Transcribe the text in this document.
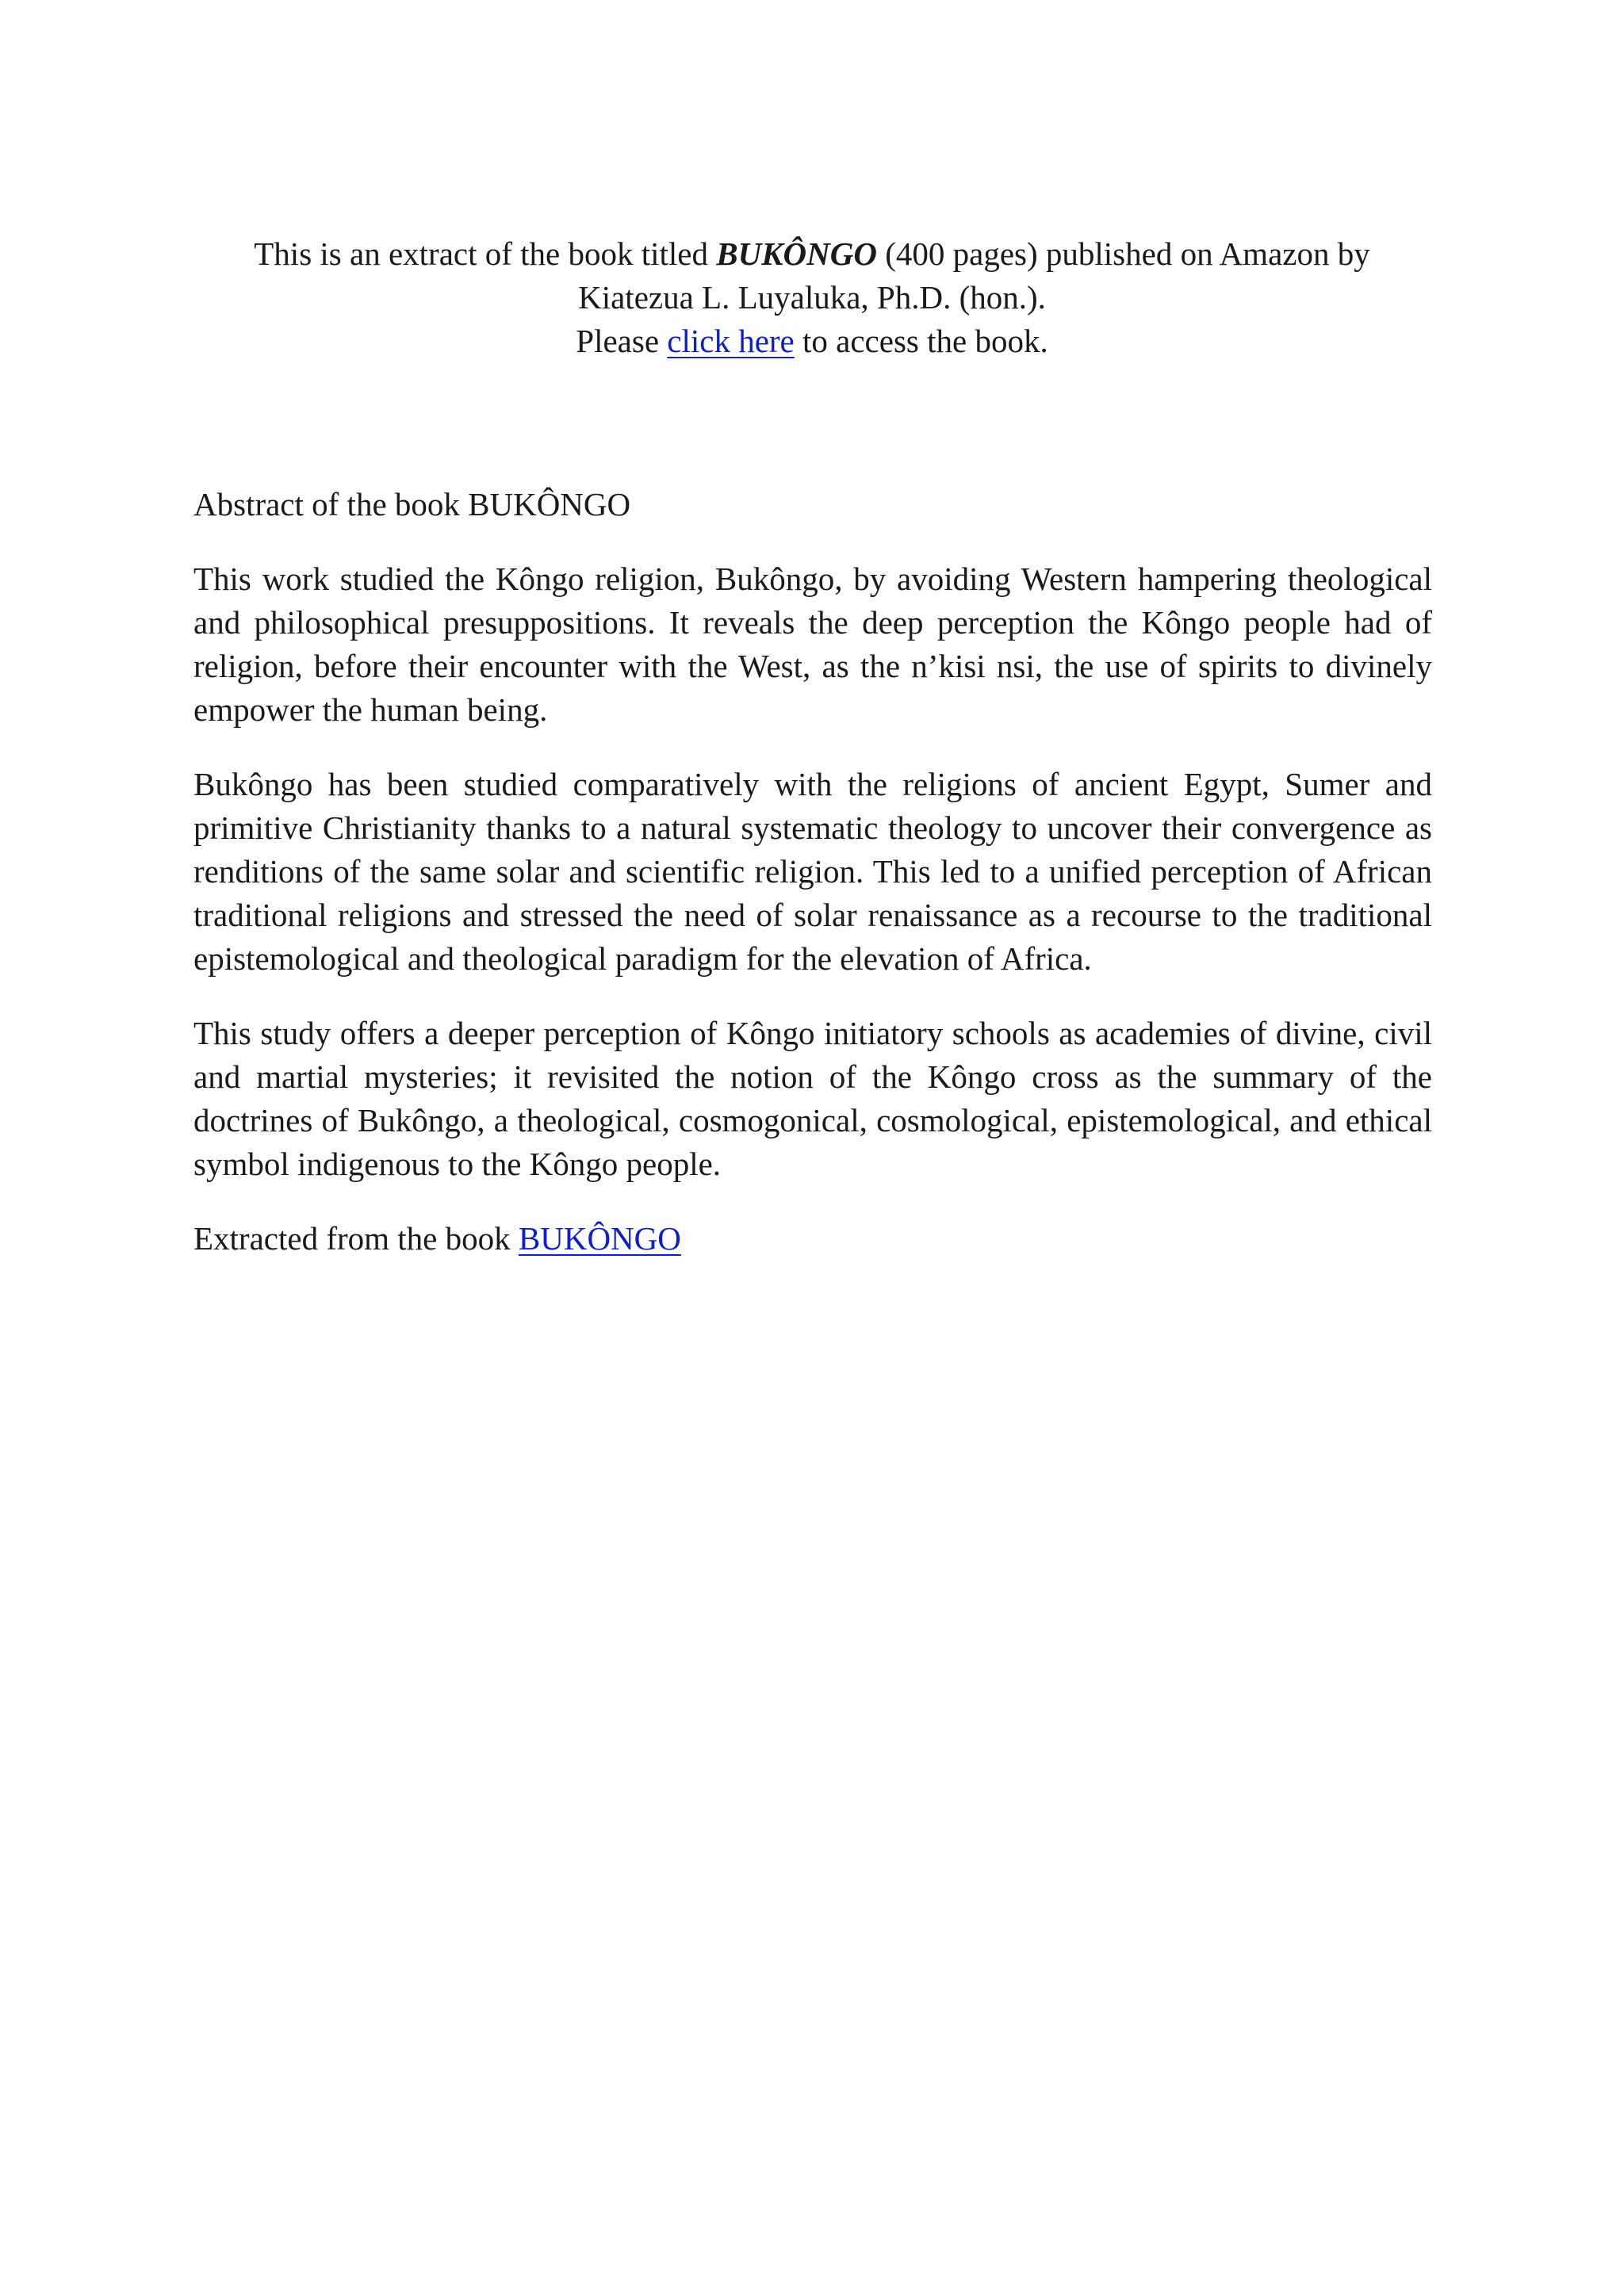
This is an extract of the book titled BUKÔNGO (400 pages) published on Amazon by
Kiatezua L. Luyaluka, Ph.D. (hon.).
Please click here to access the book.

Abstract of the book BUKÔNGO

This work studied the Kôngo religion, Bukôngo, by avoiding Western hampering theological and philosophical presuppositions. It reveals the deep perception the Kôngo people had of religion, before their encounter with the West, as the n’kisi nsi, the use of spirits to divinely empower the human being.

Bukôngo has been studied comparatively with the religions of ancient Egypt, Sumer and primitive Christianity thanks to a natural systematic theology to uncover their convergence as renditions of the same solar and scientific religion. This led to a unified perception of African traditional religions and stressed the need of solar renaissance as a recourse to the traditional epistemological and theological paradigm for the elevation of Africa.

This study offers a deeper perception of Kôngo initiatory schools as academies of divine, civil and martial mysteries; it revisited the notion of the Kôngo cross as the summary of the doctrines of Bukôngo, a theological, cosmogonical, cosmological, epistemological, and ethical symbol indigenous to the Kôngo people.

Extracted from the book BUKÔNGO
